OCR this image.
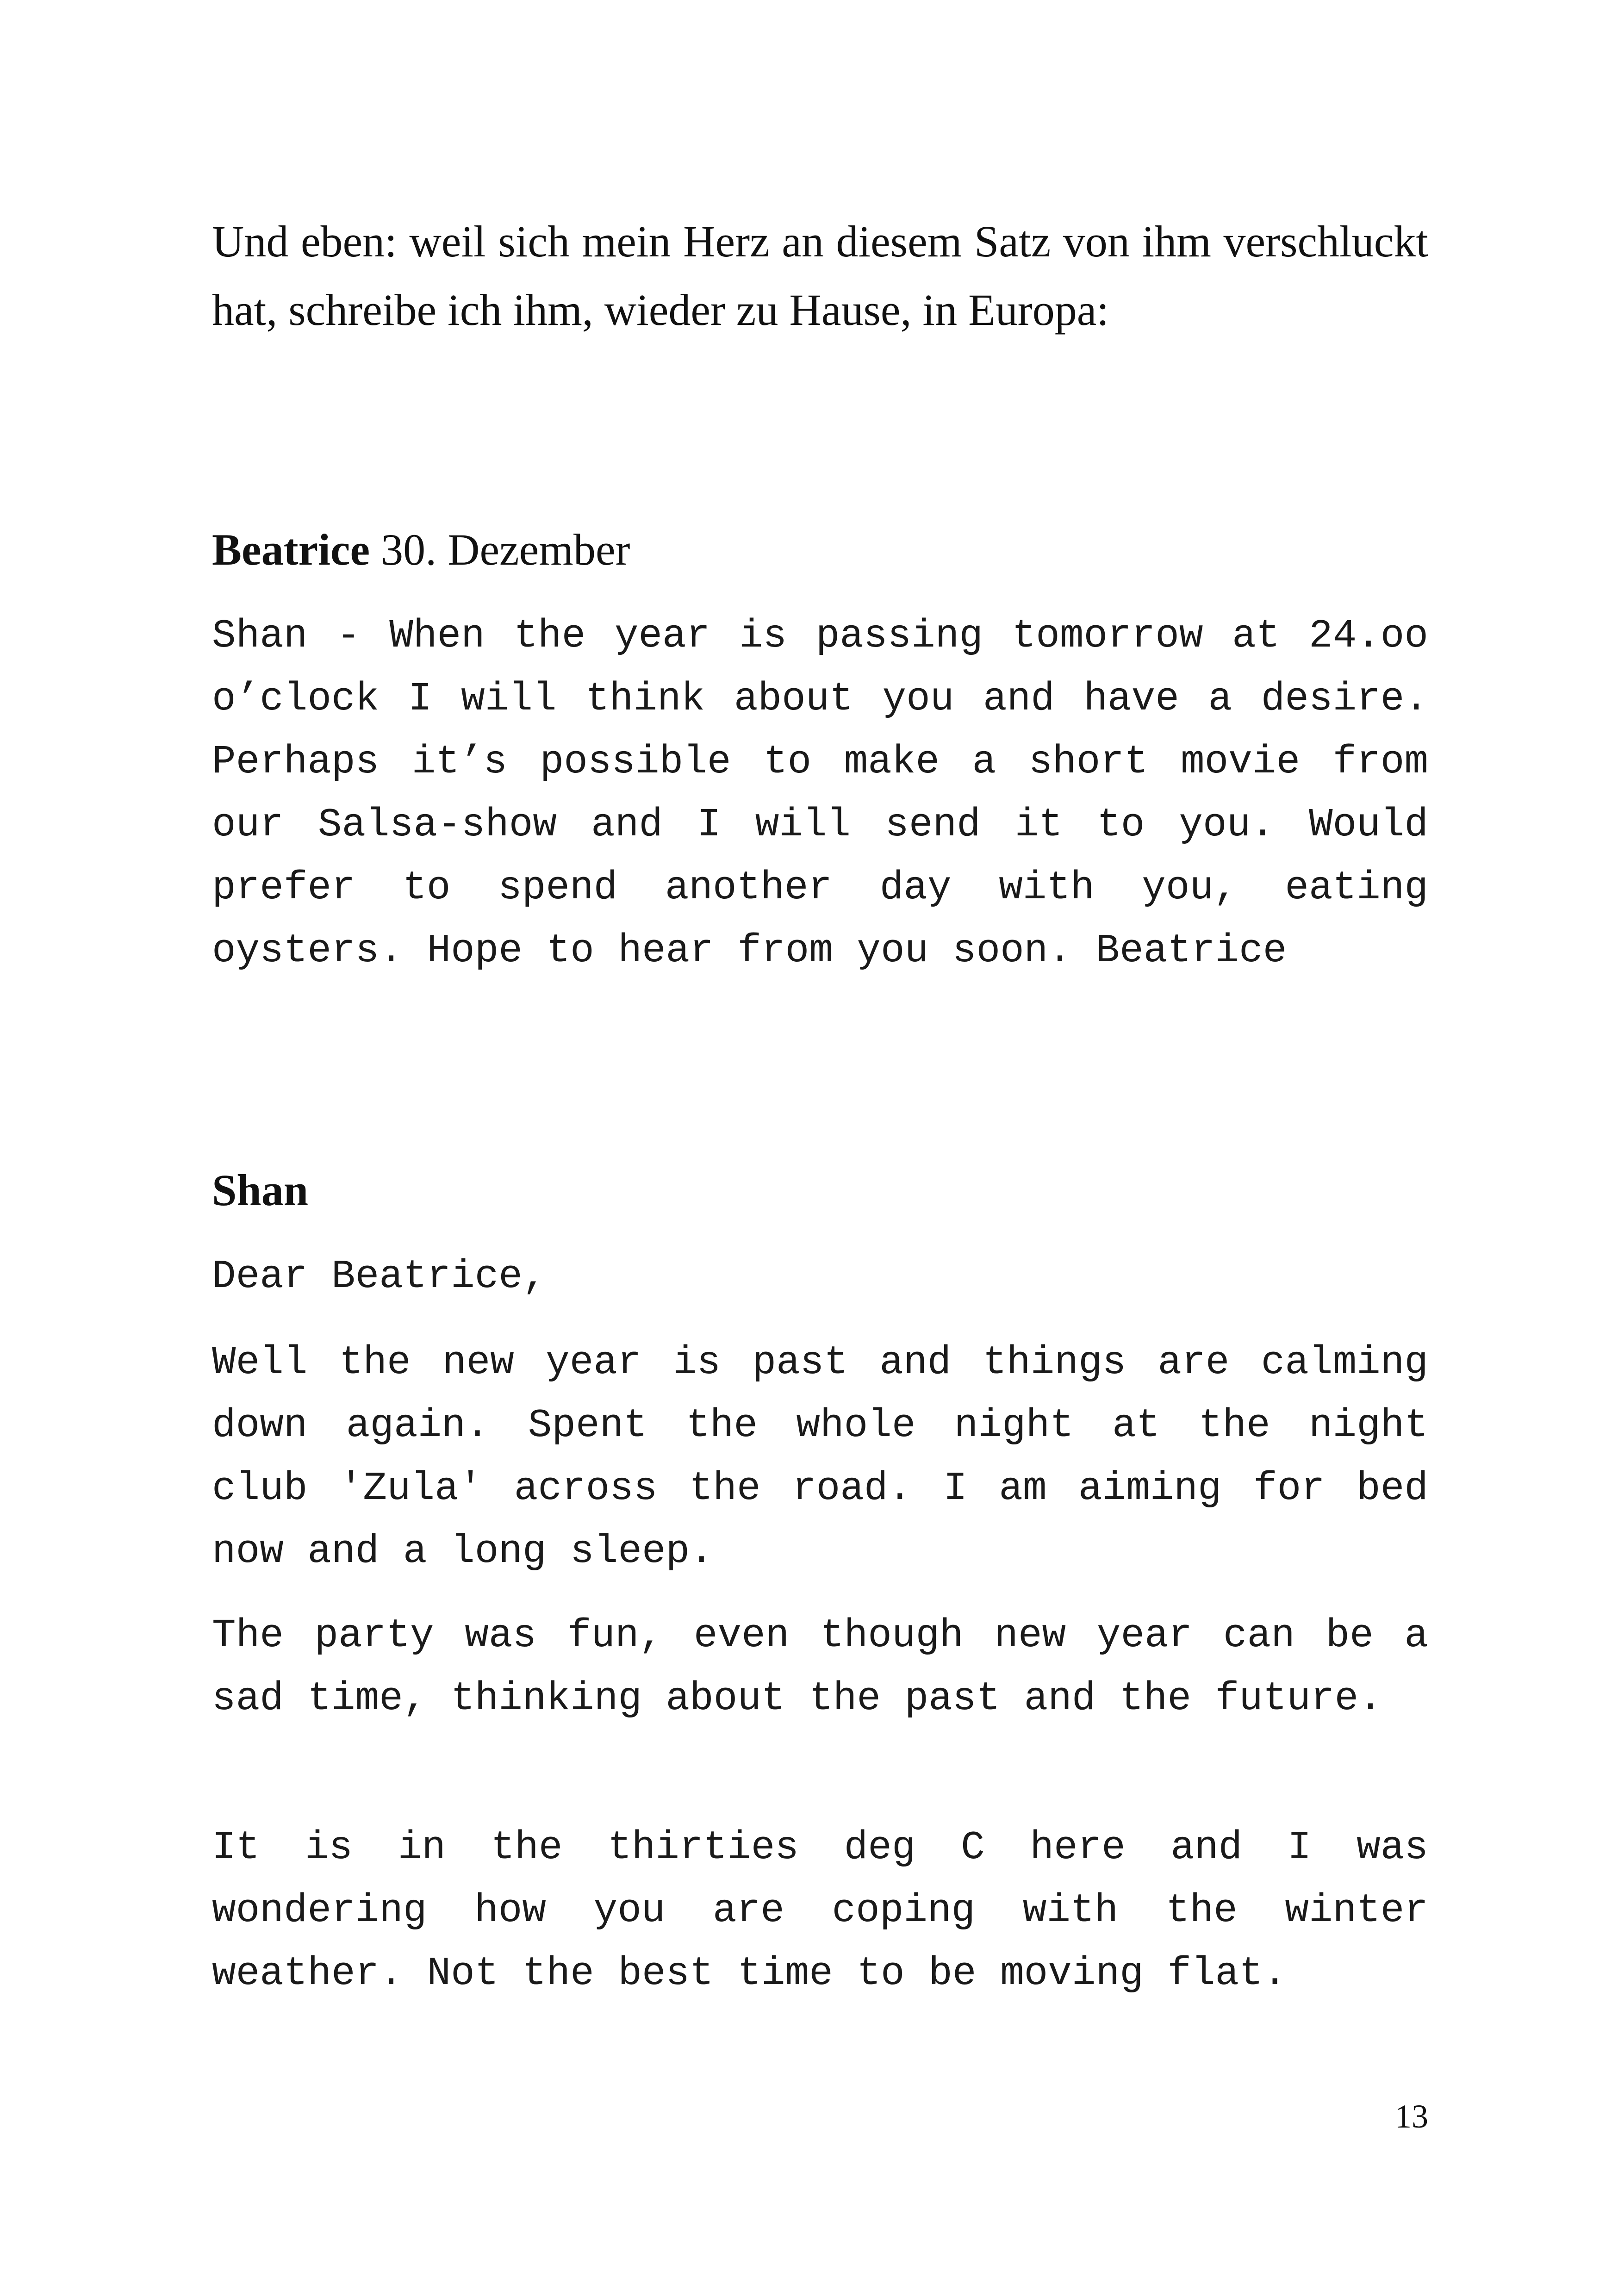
Und eben: weil sich mein Herz an diesem Satz von ihm verschluckt hat, schreibe ich ihm, wieder zu Hause, in Europa:

Beatrice 30. Dezember

Shan - When the year is passing tomorrow at 24.oo o’clock I will think about you and have a desire. Perhaps it’s possible to make a short movie from our Salsa-show and I will send it to you. Would prefer to spend another day with you, eating oysters. Hope to hear from you soon. Beatrice

Shan

Dear Beatrice,

Well the new year is past and things are calming down again. Spent the whole night at the night club 'Zula' across the road. I am aiming for bed now and a long sleep.

The party was fun, even though new year can be a sad time, thinking about the past and the future.

It is in the thirties deg C here and I was wondering how you are coping with the winter weather. Not the best time to be moving flat.

13
